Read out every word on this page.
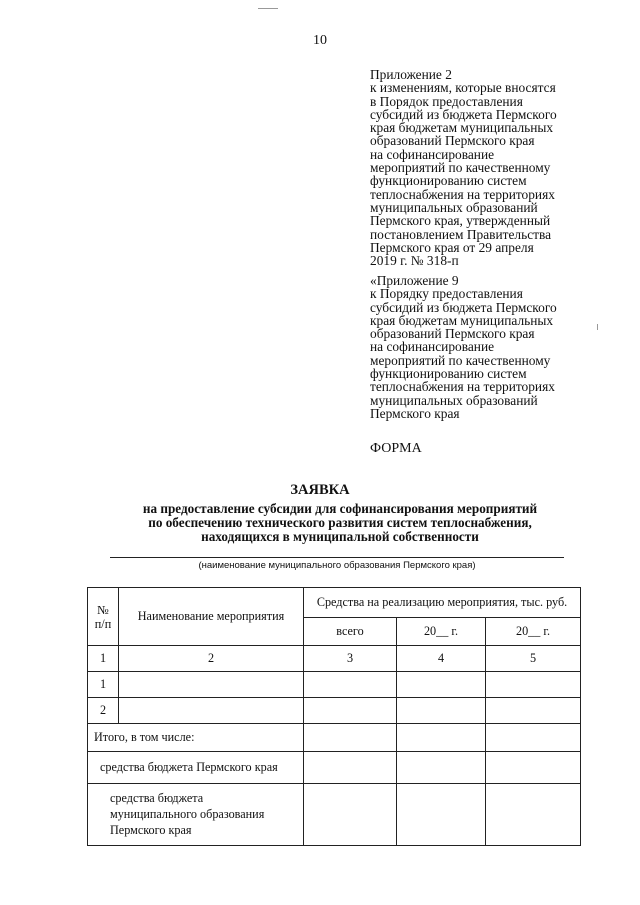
10
Приложение 2
к изменениям, которые вносятся
в Порядок предоставления
субсидий из бюджета Пермского
края бюджетам муниципальных
образований Пермского края
на софинансирование
мероприятий по качественному
функционированию систем
теплоснабжения на территориях
муниципальных образований
Пермского края, утвержденный
постановлением Правительства
Пермского края от 29 апреля
2019 г. № 318-п
«Приложение 9
к Порядку предоставления
субсидий из бюджета Пермского
края бюджетам муниципальных
образований Пермского края
на софинансирование
мероприятий по качественному
функционированию систем
теплоснабжения на территориях
муниципальных образований
Пермского края
ФОРМА
ЗАЯВКА
на предоставление субсидии для софинансирования мероприятий
по обеспечению технического развития систем теплоснабжения,
находящихся в муниципальной собственности
(наименование муниципального образования Пермского края)
№
п/п	Наименование мероприятия	Средства на реализацию мероприятия, тыс. руб.		
		всего	20__ г.	20__ г.
1	2	3	4	5
1				
2				
Итого, в том числе:				
средства бюджета Пермского края				
средства бюджета
муниципального образования
Пермского края				
